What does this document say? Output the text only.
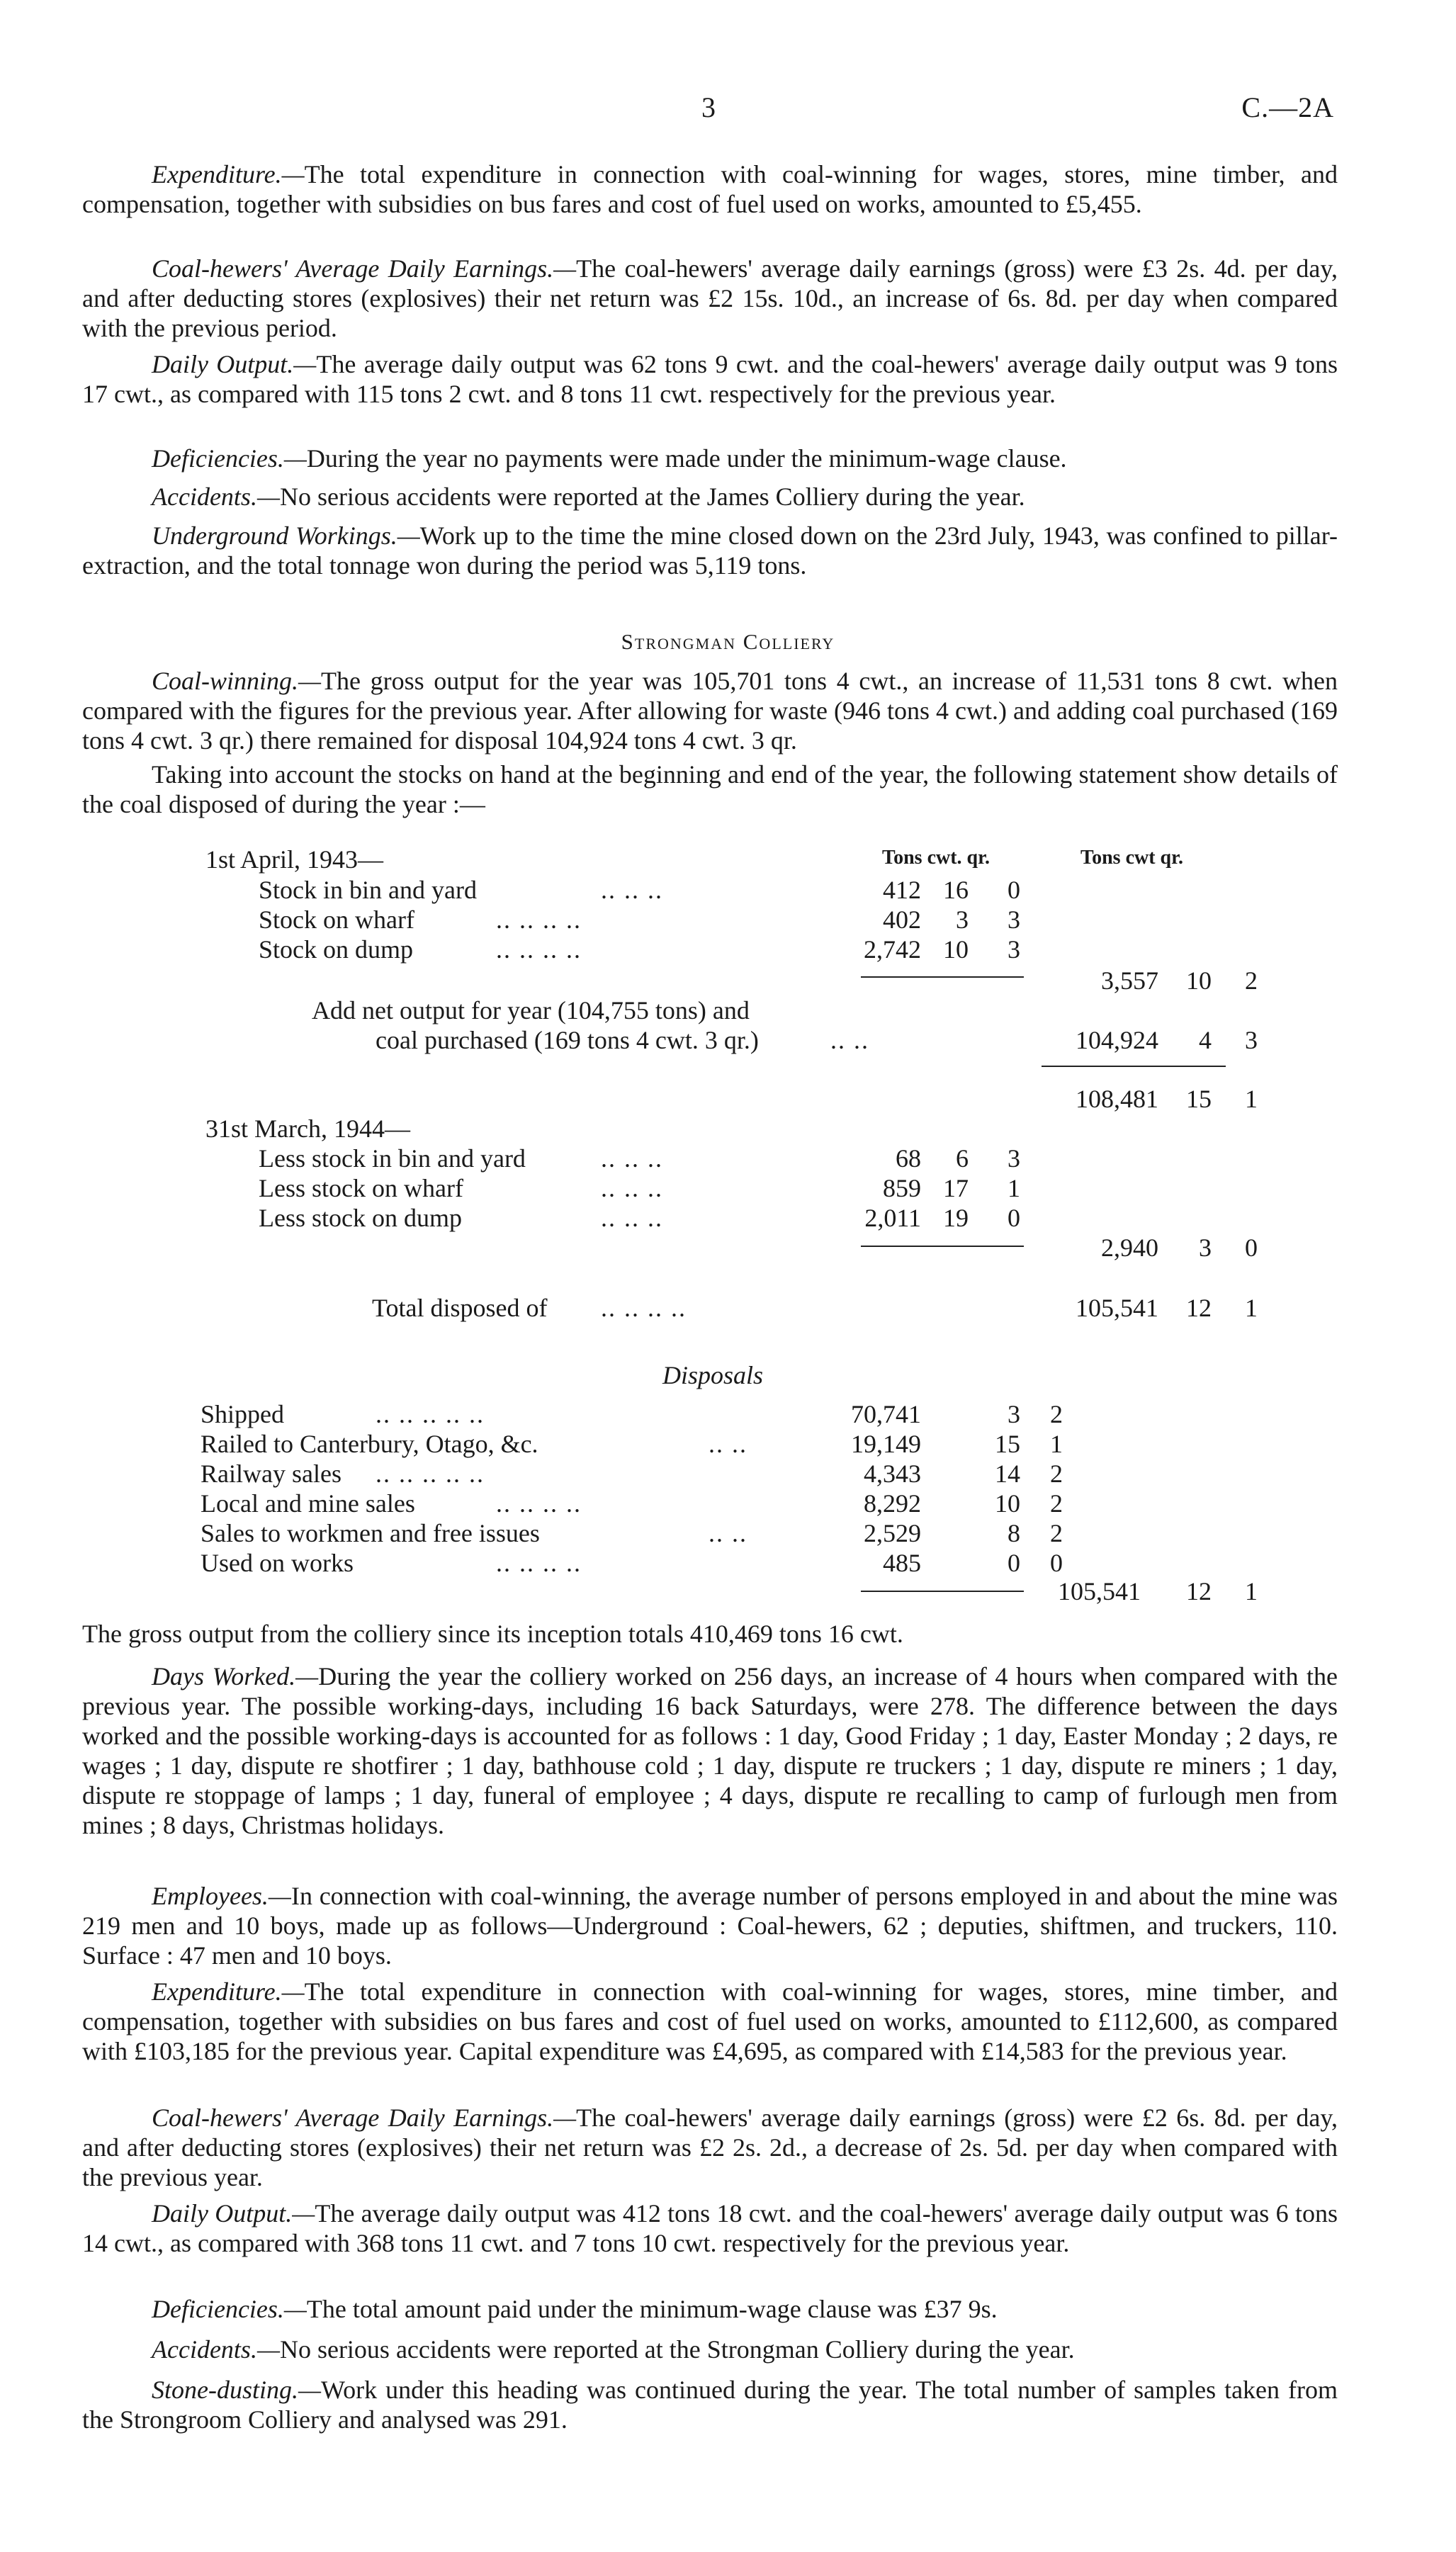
3	C.—2A

Expenditure.—The total expenditure in connection with coal-winning for wages, stores, mine timber, and compensation, together with subsidies on bus fares and cost of fuel used on works, amounted to £5,455.

Coal-hewers' Average Daily Earnings.—The coal-hewers' average daily earnings (gross) were £3 2s. 4d. per day, and after deducting stores (explosives) their net return was £2 15s. 10d., an increase of 6s. 8d. per day when compared with the previous period.

Daily Output.—The average daily output was 62 tons 9 cwt. and the coal-hewers' average daily output was 9 tons 17 cwt., as compared with 115 tons 2 cwt. and 8 tons 11 cwt. respectively for the previous year.

Deficiencies.—During the year no payments were made under the minimum-wage clause.

Accidents.—No serious accidents were reported at the James Colliery during the year.

Underground Workings.—Work up to the time the mine closed down on the 23rd July, 1943, was confined to pillar-extraction, and the total tonnage won during the period was 5,119 tons.

Strongman Colliery

Coal-winning.—The gross output for the year was 105,701 tons 4 cwt., an increase of 11,531 tons 8 cwt. when compared with the figures for the previous year. After allowing for waste (946 tons 4 cwt.) and adding coal purchased (169 tons 4 cwt. 3 qr.) there remained for disposal 104,924 tons 4 cwt. 3 qr.

Taking into account the stocks on hand at the beginning and end of the year, the following statement show details of the coal disposed of during the year :—

Tons cwt. qr.	Tons cwt qr.
1st April, 1943—
Stock in bin and yard	.. .. ..	412 16 0
Stock on wharf	.. .. .. ..	402 3 3
Stock on dump	.. .. .. ..	2,742 10 3
3,557 10 2
Add net output for year (104,755 tons) and
coal purchased (169 tons 4 cwt. 3 qr.)	.. ..	104,924 4 3
108,481 15 1
31st March, 1944—
Less stock in bin and yard	.. .. ..	68 6 3
Less stock on wharf	.. .. ..	859 17 1
Less stock on dump	.. .. ..	2,011 19 0
2,940 3 0
Total disposed of .. .. .. ..	105,541 12 1
Disposals
Shipped	.. .. .. .. ..	70,741	3 2
Railed to Canterbury, Otago, &c.	.. ..	19,149	15 1
Railway sales .. .. .. .. ..	4,343	14 2
Local and mine sales	.. .. .. ..	8,292	10 2
Sales to workmen and free issues	.. ..	2,529	8 2
Used on works	.. .. .. ..	485	0 0
105,541 12 1

The gross output from the colliery since its inception totals 410,469 tons 16 cwt.

Days Worked.—During the year the colliery worked on 256 days, an increase of 4 hours when compared with the previous year. The possible working-days, including 16 back Saturdays, were 278. The difference between the days worked and the possible working-days is accounted for as follows : 1 day, Good Friday ; 1 day, Easter Monday ; 2 days, re wages ; 1 day, dispute re shotfirer ; 1 day, bathhouse cold ; 1 day, dispute re truckers ; 1 day, dispute re miners ; 1 day, dispute re stoppage of lamps ; 1 day, funeral of employee ; 4 days, dispute re recalling to camp of furlough men from mines ; 8 days, Christmas holidays.

Employees.—In connection with coal-winning, the average number of persons employed in and about the mine was 219 men and 10 boys, made up as follows—Underground : Coal-hewers, 62 ; deputies, shiftmen, and truckers, 110. Surface : 47 men and 10 boys.

Expenditure.—The total expenditure in connection with coal-winning for wages, stores, mine timber, and compensation, together with subsidies on bus fares and cost of fuel used on works, amounted to £112,600, as compared with £103,185 for the previous year. Capital expenditure was £4,695, as compared with £14,583 for the previous year.

Coal-hewers' Average Daily Earnings.—The coal-hewers' average daily earnings (gross) were £2 6s. 8d. per day, and after deducting stores (explosives) their net return was £2 2s. 2d., a decrease of 2s. 5d. per day when compared with the previous year.

Daily Output.—The average daily output was 412 tons 18 cwt. and the coal-hewers' average daily output was 6 tons 14 cwt., as compared with 368 tons 11 cwt. and 7 tons 10 cwt. respectively for the previous year.

Deficiencies.—The total amount paid under the minimum-wage clause was £37 9s.

Accidents.—No serious accidents were reported at the Strongman Colliery during the year.

Stone-dusting.—Work under this heading was continued during the year. The total number of samples taken from the Strongroom Colliery and analysed was 291.
